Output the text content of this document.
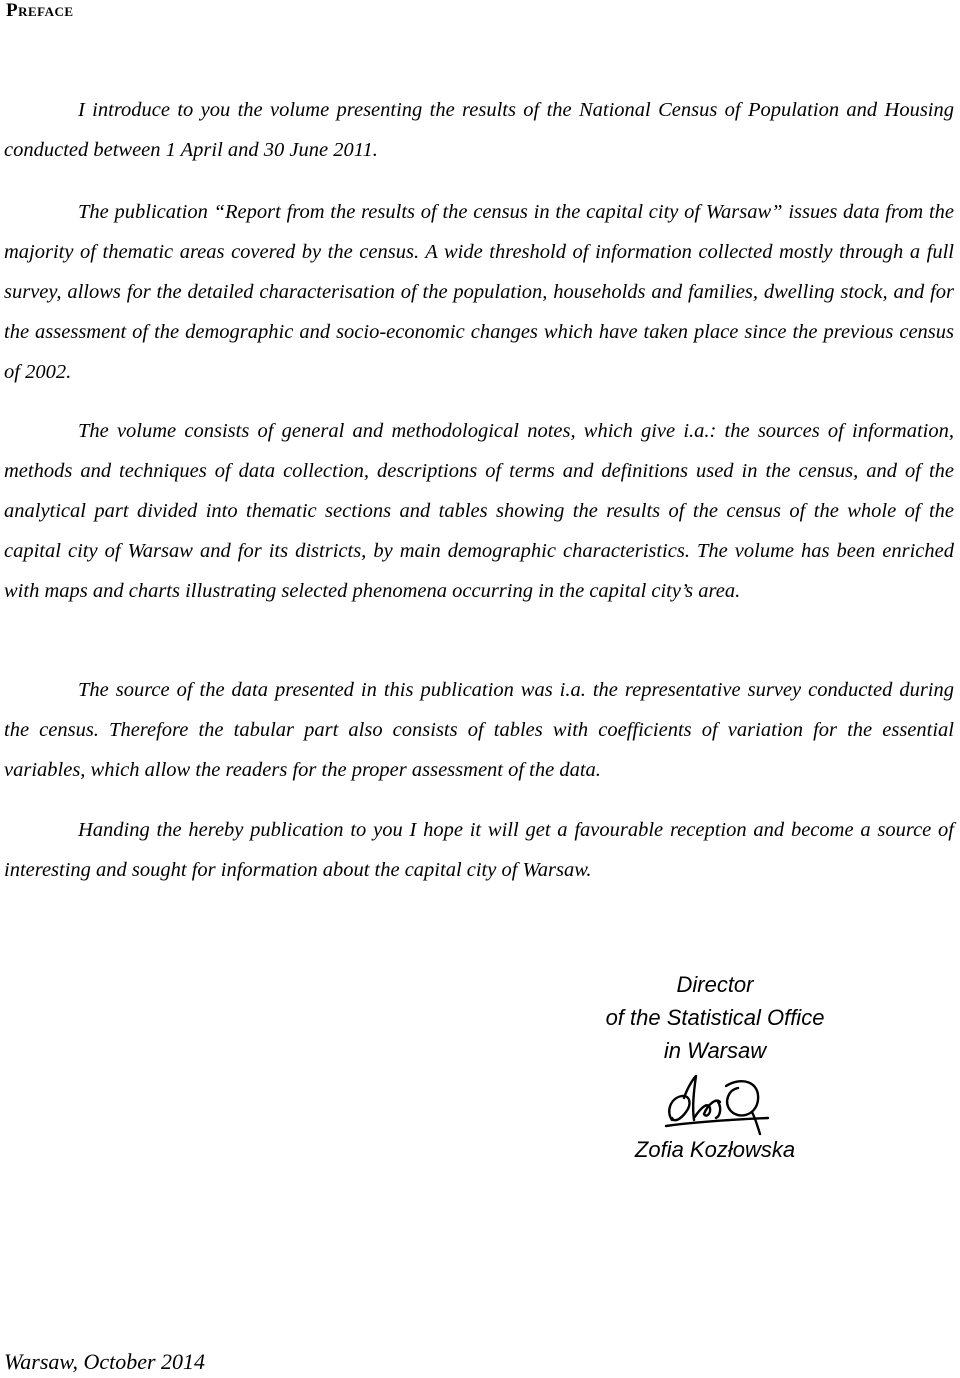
Preface

I introduce to you the volume presenting the results of the National Census of Population and Housing conducted between 1 April and 30 June 2011.

The publication “Report from the results of the census in the capital city of Warsaw” issues data from the majority of thematic areas covered by the census. A wide threshold of information collected mostly through a full survey, allows for the detailed characterisation of the population, households and families, dwelling stock, and for the assessment of the demographic and socio-economic changes which have taken place since the previous census of 2002.

The volume consists of general and methodological notes, which give i.a.: the sources of information, methods and techniques of data collection, descriptions of terms and definitions used in the census, and of the analytical part divided into thematic sections and tables showing the results of the census of the whole of the capital city of Warsaw and for its districts, by main demographic characteristics. The volume has been enriched with maps and charts illustrating selected phenomena occurring in the capital city’s area.

The source of the data presented in this publication was i.a. the representative survey conducted during the census. Therefore the tabular part also consists of tables with coefficients of variation for the essential variables, which allow the readers for the proper assessment of the data.

Handing the hereby publication to you I hope it will get a favourable reception and become a source of interesting and sought for information about the capital city of Warsaw.

Director
of the Statistical Office
in Warsaw
Zofia Kozłowska
Warsaw, October 2014
